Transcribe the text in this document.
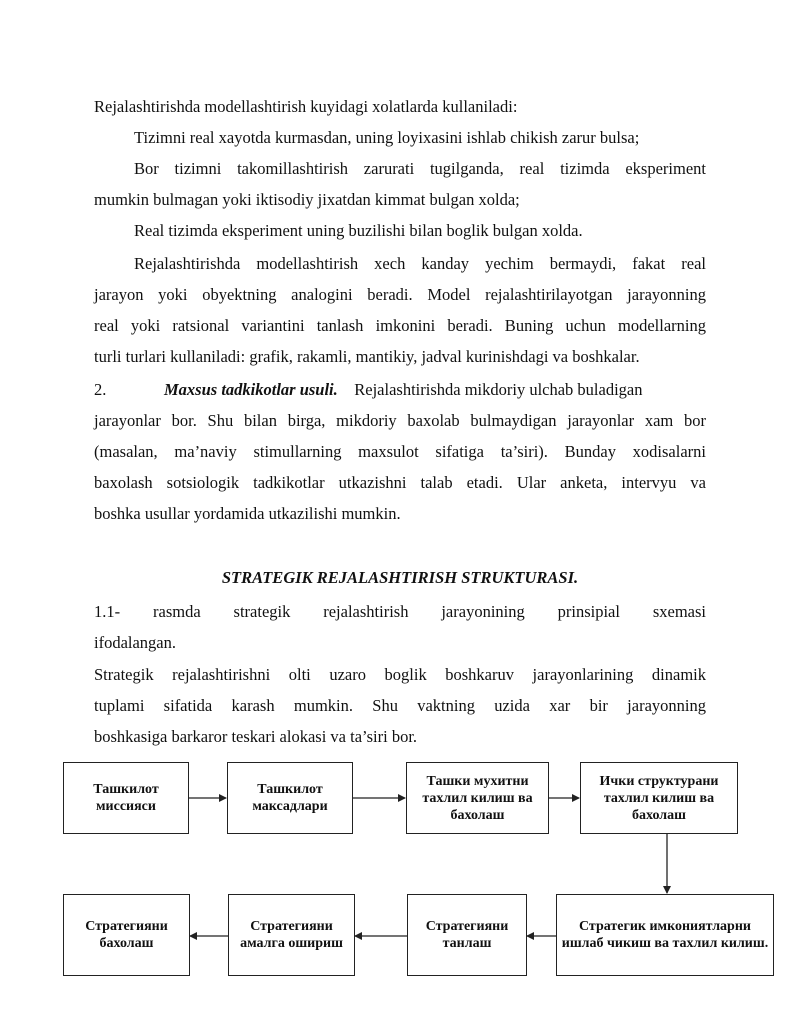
Rejalashtirishda modellashtirish kuyidagi xolatlarda kullaniladi:
Tizimni real xayotda kurmasdan, uning loyixasini ishlab chikish zarur bulsa;
Bor tizimni takomillashtirish zarurati tugilganda, real tizimda eksperiment
mumkin bulmagan yoki iktisodiy jixatdan kimmat bulgan xolda;
Real tizimda eksperiment uning buzilishi bilan boglik bulgan xolda.
Rejalashtirishda modellashtirish xech kanday yechim bermaydi, fakat real
jarayon yoki obyektning analogini beradi. Model rejalashtirilayotgan jarayonning
real yoki ratsional variantini tanlash imkonini beradi. Buning uchun modellarning
turli turlari kullaniladi: grafik, rakamli, mantikiy, jadval kurinishdagi va boshkalar.
2.	Maxsus tadkikotlar usuli. Rejalashtirishda mikdoriy ulchab buladigan
jarayonlar bor. Shu bilan birga, mikdoriy baxolab bulmaydigan jarayonlar xam bor
(masalan, ma’naviy stimullarning maxsulot sifatiga ta’siri). Bunday xodisalarni
baxolash sotsiologik tadkikotlar utkazishni talab etadi. Ular anketa, intervyu va
boshka usullar yordamida utkazilishi mumkin.
STRATEGIK REJALASHTIRISH STRUKTURASI.
1.1- rasmda strategik rejalashtirish jarayonining prinsipial sxemasi
ifodalangan.
Strategik rejalashtirishni olti uzaro boglik boshkaruv jarayonlarining dinamik
tuplami sifatida karash mumkin. Shu vaktning uzida xar bir jarayonning
boshkasiga barkaror teskari alokasi va ta’siri bor.
Ташкилот миссияси
Ташкилот максадлари
Ташки мухитни тахлил килиш ва бахолаш
Ички структурани тахлил килиш ва бахолаш
Стратегик имкониятларни ишлаб чикиш ва тахлил килиш.
Стратегияни танлаш
Стратегияни амалга ошириш
Стратегияни бахолаш
